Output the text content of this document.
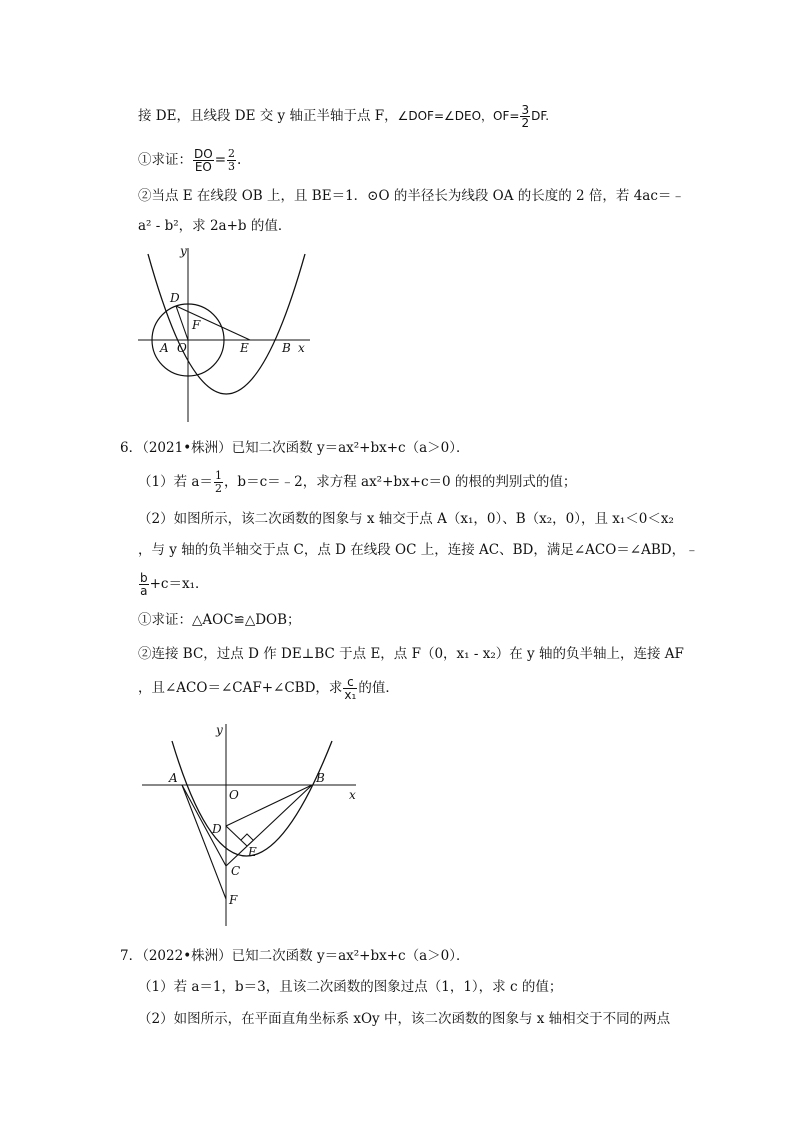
接 DE，且线段 DE 交 y 轴正半轴于点 F，∠DOF=∠DEO，$OF= \frac{3}{2}$ DF.
①求证： $\frac{DO}{EO} = \frac{2}{3}$ .
②当点 E 在线段 OB 上，且 BE＝1．⊙O 的半径长为线段 OA 的长度的 2 倍，若 4ac＝﹣
a² - b²，求 2a+b 的值．
y
x
D
F
A O	E	B
6．（2021•株洲）已知二次函数 y＝ax²+bx+c（a＞0）．
（1）若 $a= \frac{1}{2}$ ，b＝c＝﹣2，求方程 ax²+bx+c＝0 的根的判别式的值；
（2）如图所示，该二次函数的图象与 x 轴交于点 A（x₁，0）、B（x₂，0），且 x₁＜0＜x₂
，与 y 轴的负半轴交于点 C，点 D 在线段 OC 上，连接 AC、BD，满足∠ACO＝∠ABD，﹣
$\frac{b}{a} +c=x_1$．
①求证：△AOC≌△DOB；
②连接 BC，过点 D 作 DE⊥BC 于点 E，点 F（0，x₁ - x₂）在 y 轴的负半轴上，连接 AF
，且∠ACO＝∠CAF+∠CBD，求 $\frac{c}{\text{x₁}}$ 的值．
y
x
A
O
B
D
E
C
F
7．（2022•株洲）已知二次函数 y＝ax²+bx+c（a＞0）．
（1）若 a＝1，b＝3，且该二次函数的图象过点（1，1），求 c 的值；
（2）如图所示，在平面直角坐标系 xOy 中，该二次函数的图象与 x 轴相交于不同的两点
